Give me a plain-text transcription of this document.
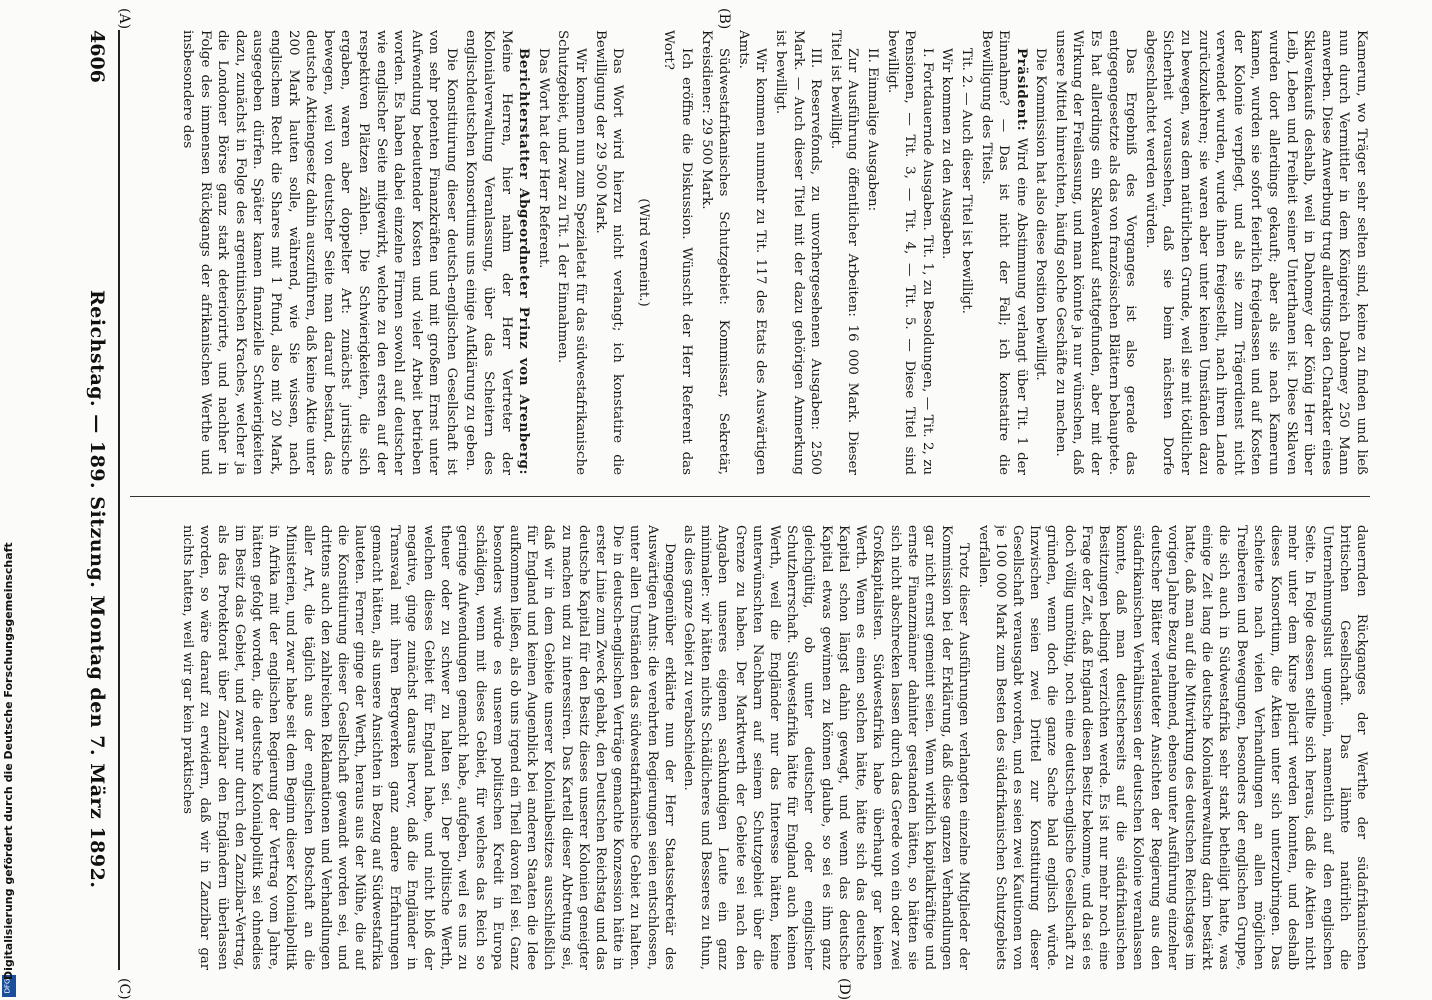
4606
Reichstag. — 189. Sitzung. Montag den 7. März 1892.
(A)	(B)
(C)	(D)

Kamerun, wo Träger sehr selten sind, keine zu finden und ließ nun durch Vermittler in dem Königreich Dahomey 250 Mann anwerben. Diese Anwerbung trug allerdings den Charakter eines Sklavenkaufs deshalb, weil in Dahomey der König Herr über Leib, Leben und Freiheit seiner Unterthanen ist. Diese Sklaven wurden dort allerdings gekauft; aber als sie nach Kamerun kamen, wurden sie sofort feierlich freigelassen und auf Kosten der Kolonie verpflegt, und als sie zum Trägerdienst nicht verwendet wurden, wurde ihnen freigestellt, nach ihrem Lande zurückzukehren; sie waren aber unter keinen Umständen dazu zu bewegen, was dem natürlichen Grunde, weil sie mit tödtlicher Sicherheit voraussehen, daß sie beim nächsten Dorfe abgeschlachtet werden würden.

Das Ergebniß des Vorganges ist also gerade das entgegengesetzte als das von französischen Blättern behauptete. Es hat allerdings ein Sklavenkauf stattgefunden, aber mit der Wirkung der Freilassung, und man könnte ja nur wünschen, daß unsere Mittel hinreichten, häufig solche Geschäfte zu machen.

Die Kommission hat also diese Position bewilligt.

Präsident: Wird eine Abstimmung verlangt über Tit. 1 der Einnahme? — Das ist nicht der Fall; ich konstatire die Bewilligung des Titels.

Tit. 2. — Auch dieser Titel ist bewilligt.

Wir kommen zu den Ausgaben.

I. Fortdauernde Ausgaben. Tit. 1, zu Besoldungen, — Tit. 2, zu Pensionen, — Tit. 3, — Tit. 4, — Tit. 5. — Diese Titel sind bewilligt.

II. Einmalige Ausgaben:

Zur Ausführung öffentlicher Arbeiten: 16 000 Mark. Dieser Titel ist bewilligt.

III. Reservefonds, zu unvorhergesehenen Ausgaben: 2500 Mark. — Auch dieser Titel mit der dazu gehörigen Anmerkung ist bewilligt.

Wir kommen nunmehr zu Tit. 117 des Etats des Auswärtigen Amts.

Südwestafrikanisches Schutzgebiet: Kommissar, Sekretär, Kreisdiener: 29 500 Mark.

Ich eröffne die Diskussion. Wünscht der Herr Referent das Wort?

(Wird verneint.)

Das Wort wird hierzu nicht verlangt; ich konstatire die Bewilligung der 29 500 Mark.

Wir kommen nun zum Spezialetat für das südwestafrikanische Schutzgebiet, und zwar zu Tit. 1 der Einnahmen.

Das Wort hat der Herr Referent.

Berichterstatter Abgeordneter Prinz von Arenberg: Meine Herren, hier nahm der Herr Vertreter der Kolonialverwaltung Veranlassung, über das Scheitern des englischdeutschen Konsortiums uns einige Aufklärung zu geben.

Die Konstituirung dieser deutsch-englischen Gesellschaft ist von sehr potenten Finanzkräften und mit großem Ernst unter Aufwendung bedeutender Kosten und vieler Arbeit betrieben worden. Es haben dabei einzelne Firmen sowohl auf deutscher wie englischer Seite mitgewirkt, welche zu den ersten auf der respektiven Plätzen zählen. Die Schwierigkeiten, die sich ergaben, waren aber doppelter Art: zunächst juristische bewegen, weil von deutscher Seite man darauf bestand, das deutsche Aktiengesetz dahin auszuführen, daß keine Aktie unter 200 Mark lauten solle, während, wie Sie wissen, nach englischem Recht die Shares mit 1 Pfund, also mit 20 Mark, ausgegeben dürfen. Später kamen finanzielle Schwierigkeiten dazu, zunächst in Folge des argentinischen Kraches, welcher ja die Londoner Börse ganz stark deteriorirte, und nachher in Folge des immensen Rückgangs der afrikanischen Werthe und insbesondere des

dauernden Rückganges der Werthe der südafrikanischen britischen Gesellschaft. Das lähmte natürlich die Unternehmungslust ungemein, namentlich auf den englischen Seite. In Folge dessen stellte sich heraus, daß die Aktien nicht mehr unter dem Kurse placirt werden konnten, und deshalb dieses Konsortium, die Aktien unter sich unterzubringen. Das scheiterte nach vielen Verhandlungen an allen möglichen Treibereien und Bewegungen, besonders der englischen Gruppe, die sich auch in Südwestafrika sehr stark betheiligt hatte, was einige Zeit lang die deutsche Kolonialverwaltung darin bestärkt hatte, daß man auf die Mitwirkung des deutschen Reichstages im vorigen Jahre Bezug nehmend, ebenso unter Ausführung einzelner deutscher Blätter verlauteter Ansichten der Regierung aus den südafrikanischen Verhältnissen der deutschen Kolonie veranlassen konnte, daß man deutscherseits auf die südafrikanischen Besitzungen bedingt verzichten werde. Es ist nur mehr noch eine Frage der Zeit, daß England diesen Besitz bekomme, und da sei es doch völlig unnöthig, noch eine deutsch-englische Gesellschaft zu gründen, wenn doch die ganze Sache bald englisch würde. Inzwischen seien zwei Drittel zur Konstituirung dieser Gesellschaft verausgabt worden, und es seien zwei Kautionen von je 100 000 Mark zum Besten des südafrikanischen Schutzgebiets verfallen.

Trotz dieser Ausführungen verlangten einzelne Mitglieder der Kommission bei der Erklärung, daß diese ganzen Verhandlungen gar nicht ernst gemeint seien. Wenn wirklich kapitalkräftige und ernste Finanzmänner dahinter gestanden hätten, so hätten sie sich nicht abschrecken lassen durch das Gerede von ein oder zwei Großkapitalisten. Südwestafrika habe überhaupt gar keinen Werth. Wenn es einen solchen hätte, hätte sich das deutsche Kapital schon längst dahin gewagt, und wenn das deutsche Kapital etwas gewinnen zu können glaube, so sei es ihm ganz gleichgültig, ob unter deutscher oder englischer Schutzherrschaft. Südwestafrika hätte für England auch keinen Werth, weil die Engländer nur das Interesse hätten, keine unterwünschten Nachbarn auf seinem Schutzgebiet über die Grenze zu haben. Der Marktwerth der Gebiete sei nach den Angaben unseres eigenen sachkundigen Leute ein ganz minimaler: wir hätten nichts Schädlicheres und Besseres zu thun, als dies ganze Gebiet zu verabschieden.

Demgegenüber erklärte nun der Herr Staatssekretär des Auswärtigen Amts: die verehrten Regierungen seien entschlossen, unter allen Umständen das südwestafrikanische Gebiet zu halten. Die in deutsch-englischen Verträge gemachte Konzession hätte in erster Linie zum Zweck gehabt, den Deutschen Reichstag und das deutsche Kapital für den Besitz dieses unserer Kolonien geneigter zu machen und zu interessiren. Das Kartell dieser Abtretung sei, daß wir in dem Gebiete unserer Kolonialbesitzes ausschließlich für England und keinen Augenblick bei anderen Staaten die Idee aufkommen ließen, als ob uns irgend ein Theil davon feil sei. Ganz besonders würde es unserem politischen Kredit in Europa schädigen, wenn mit dieses Gebiet, für welches das Reich so geringe Aufwendungen gemacht habe, aufgeben, weil es uns zu theuer oder zu schwer zu halten sei. Der politische Werth, welchen dieses Gebiet für England habe, und nicht bloß der negative, ginge zunächst daraus hervor, daß die Engländer in Transvaal mit ihren Bergwerken ganz andere Erfahrungen gemacht hätten, als unsere Ansichten in Bezug auf Südwestafrika lauteten. Ferner ginge der Werth, heraus aus der Mühe, die auf die Konstituirung dieser Gesellschaft gewandt worden sei, und drittens auch den zahlreichen Reklamationen und Verhandlungen aller Art, die täglich aus der englischen Botschaft an die Ministerien, und zwar habe seit dem Beginn dieser Kolonialpolitik in Afrika mit der englischen Regierung der Vertrag vom Jahre, hätten gefolgt worden, die deutsche Kolonialpolitik sei ohnedies im Besitz das Gebiet, und zwar nur durch den Zanzibar-Vertrag, als das Protektorat über Zanzibar den Engländern überlassen worden, so wäre darauf zu erwidern, daß wir in Zanzibar gar nichts hatten, weil wir gar kein praktisches

DFG
Digitalisierung gefördert durch die Deutsche Forschungsgemeinschaft
